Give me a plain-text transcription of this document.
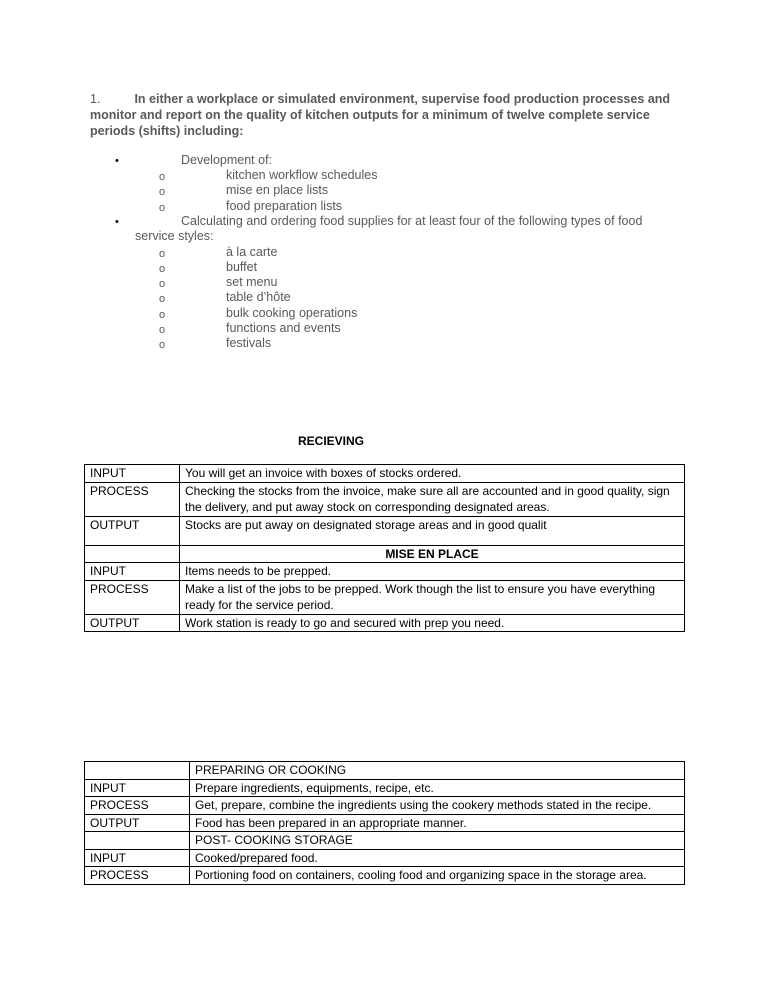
1.	In either a workplace or simulated environment, supervise food production processes and monitor and report on the quality of kitchen outputs for a minimum of twelve complete service periods (shifts) including:
•	Development of:
o	kitchen workflow schedules
o	mise en place lists
o	food preparation lists
•	Calculating and ordering food supplies for at least four of the following types of food
service styles:
o	à la carte
o	buffet
o	set menu
o	table d’hôte
o	bulk cooking operations
o	functions and events
o	festivals
RECIEVING
INPUT	You will get an invoice with boxes of stocks ordered.
PROCESS	Checking the stocks from the invoice, make sure all are accounted and in good quality, sign the delivery, and put away stock on corresponding designated areas.
OUTPUT	Stocks are put away on designated storage areas and in good qualit
	MISE EN PLACE
INPUT	Items needs to be prepped.
PROCESS	Make a list of the jobs to be prepped. Work though the list to ensure you have everything ready for the service period.
OUTPUT	Work station is ready to go and secured with prep you need.
	PREPARING OR COOKING
INPUT	Prepare ingredients, equipments, recipe, etc.
PROCESS	Get, prepare, combine the ingredients using the cookery methods stated in the recipe.
OUTPUT	Food has been prepared in an appropriate manner.
	POST- COOKING STORAGE
INPUT	Cooked/prepared food.
PROCESS	Portioning food on containers, cooling food and organizing space in the storage area.
